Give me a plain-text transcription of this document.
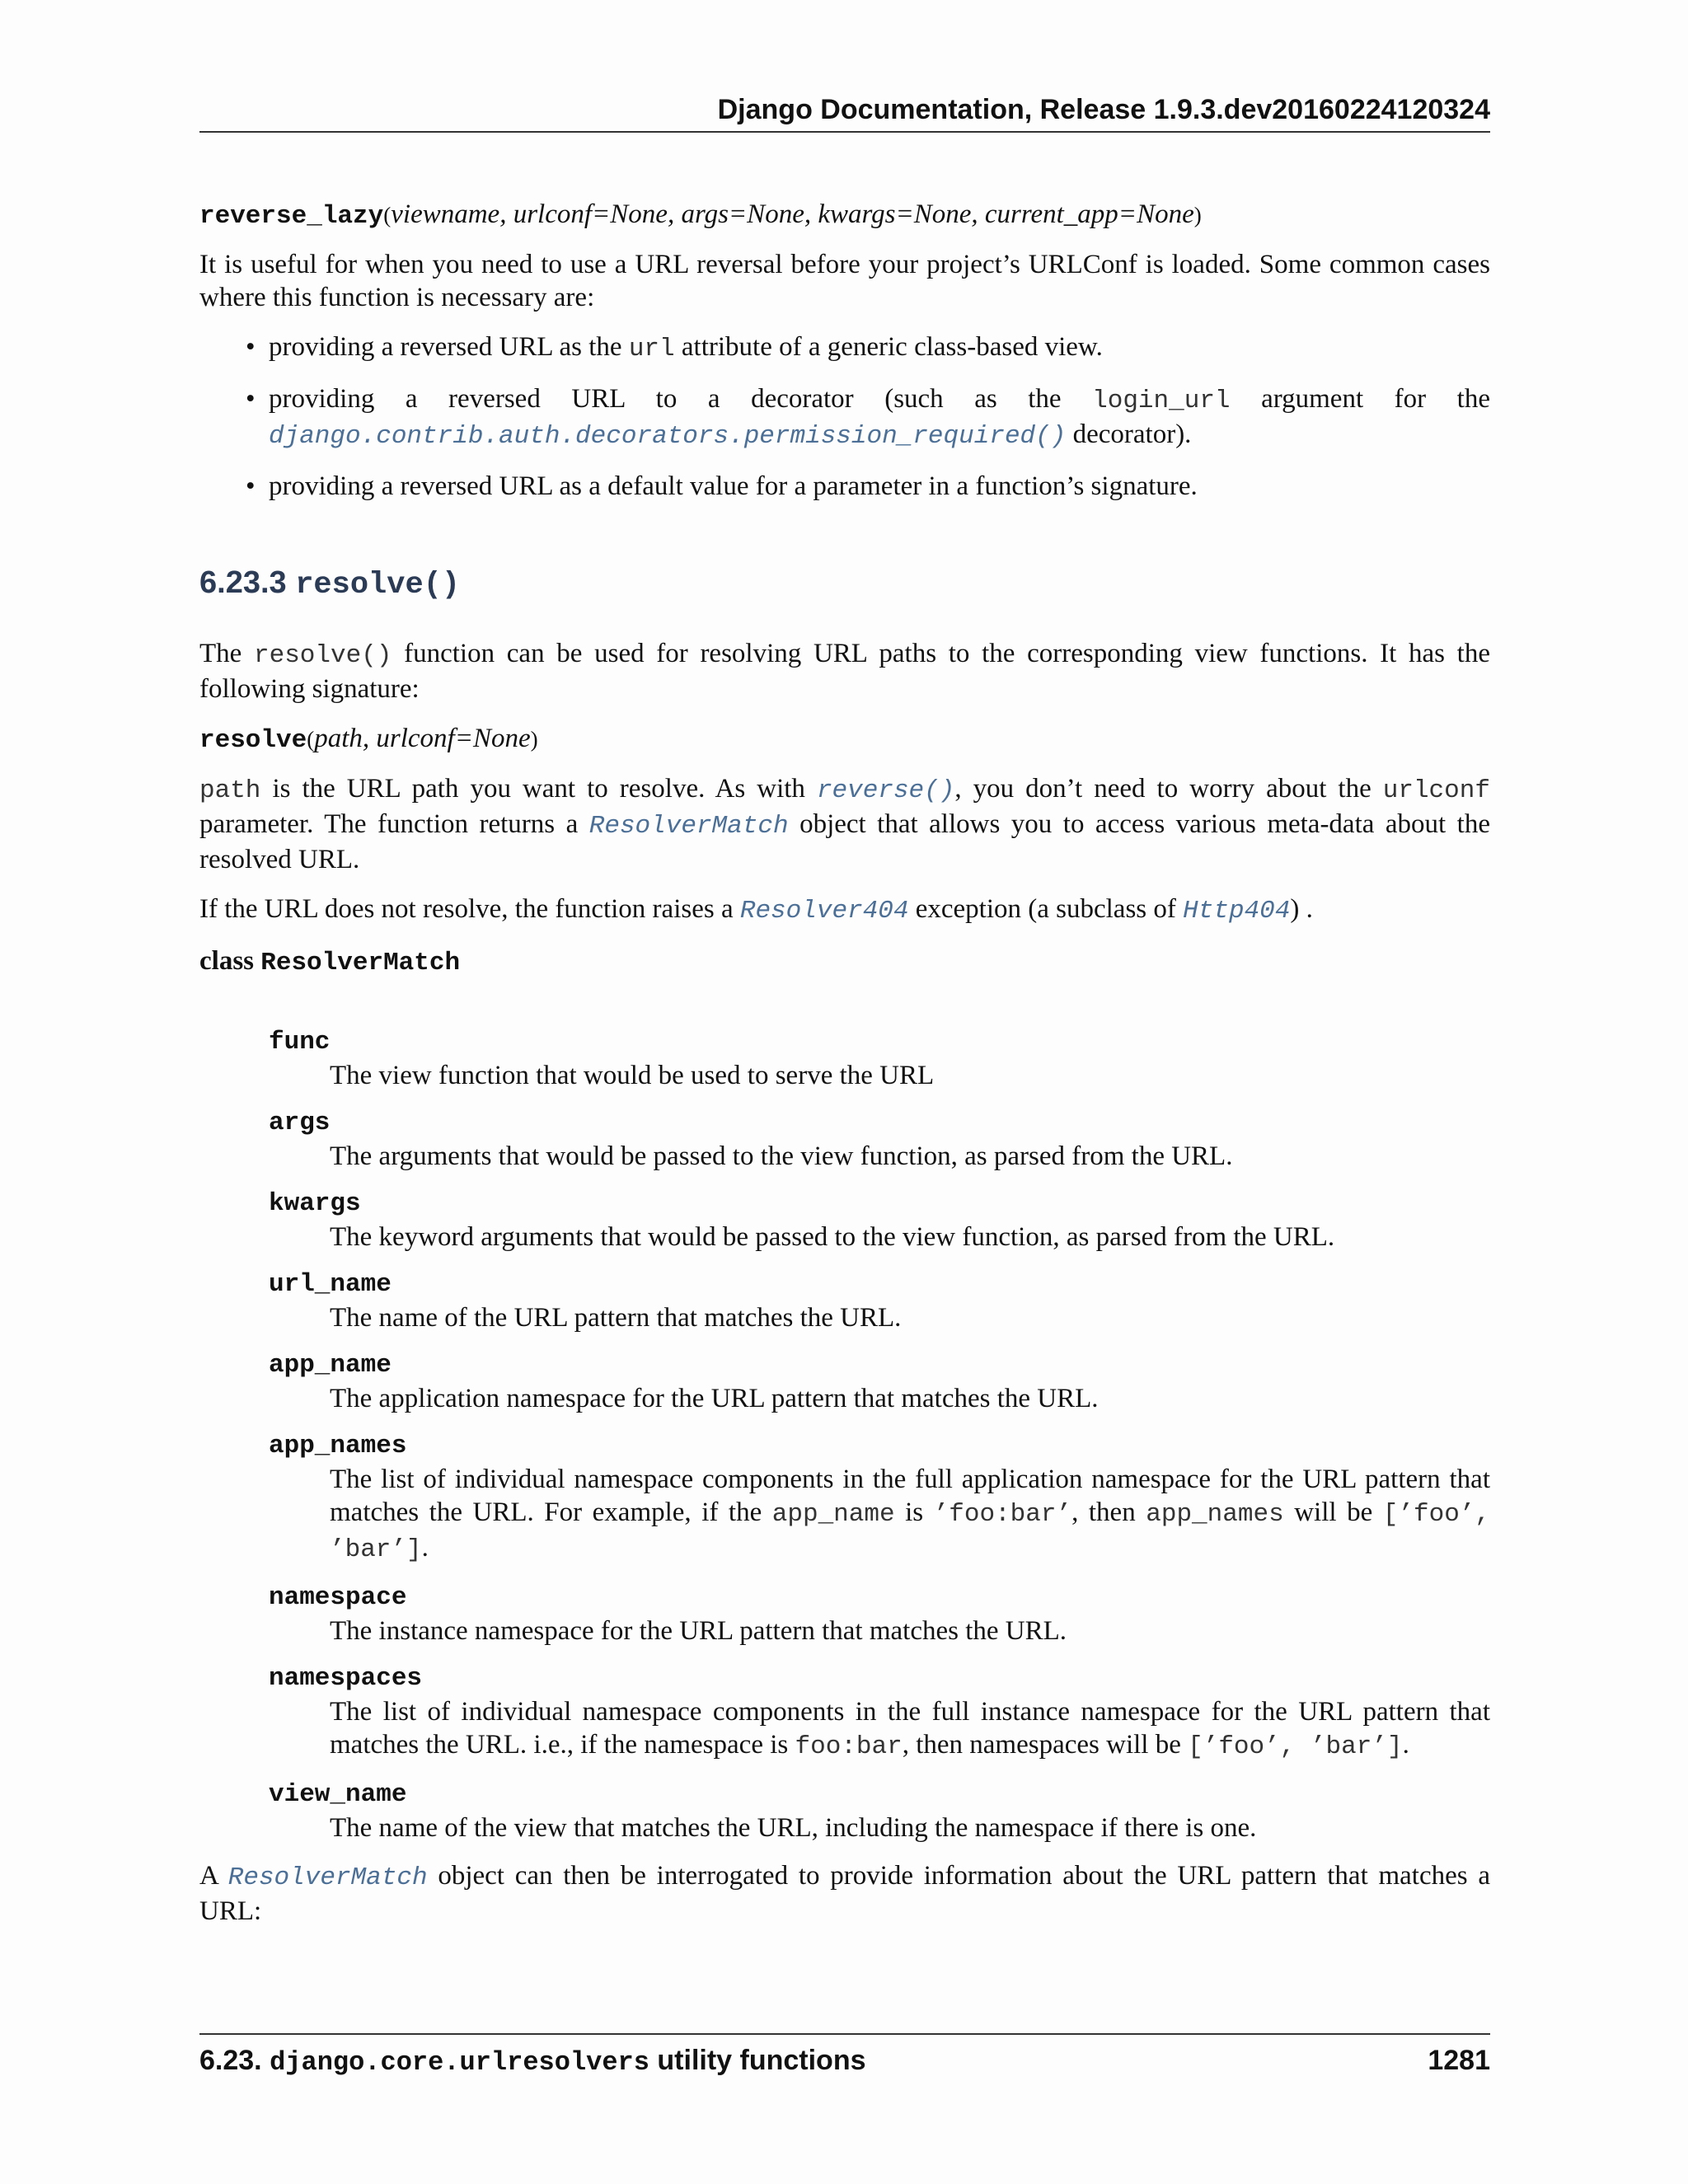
Django Documentation, Release 1.9.3.dev20160224120324
reverse_lazy(viewname, urlconf=None, args=None, kwargs=None, current_app=None)

It is useful for when you need to use a URL reversal before your project’s URLConf is loaded. Some common cases where this function is necessary are:

• providing a reversed URL as the url attribute of a generic class-based view.
• providing a reversed URL to a decorator (such as the login_url argument for the django.contrib.auth.decorators.permission_required() decorator).
• providing a reversed URL as a default value for a parameter in a function’s signature.
6.23.3 resolve()

The resolve() function can be used for resolving URL paths to the corresponding view functions. It has the following signature:

resolve(path, urlconf=None)

path is the URL path you want to resolve. As with reverse(), you don’t need to worry about the urlconf parameter. The function returns a ResolverMatch object that allows you to access various meta-data about the resolved URL.

If the URL does not resolve, the function raises a Resolver404 exception (a subclass of Http404) .

class ResolverMatch
func
The view function that would be used to serve the URL
args
The arguments that would be passed to the view function, as parsed from the URL.
kwargs
The keyword arguments that would be passed to the view function, as parsed from the URL.
url_name
The name of the URL pattern that matches the URL.
app_name
The application namespace for the URL pattern that matches the URL.
app_names
The list of individual namespace components in the full application namespace for the URL pattern that matches the URL. For example, if the app_name is ’foo:bar’, then app_names will be [’foo’, ’bar’].
namespace
The instance namespace for the URL pattern that matches the URL.
namespaces
The list of individual namespace components in the full instance namespace for the URL pattern that matches the URL. i.e., if the namespace is foo:bar, then namespaces will be [’foo’, ’bar’].
view_name
The name of the view that matches the URL, including the namespace if there is one.

A ResolverMatch object can then be interrogated to provide information about the URL pattern that matches a URL:

6.23. django.core.urlresolvers utility functions	1281
